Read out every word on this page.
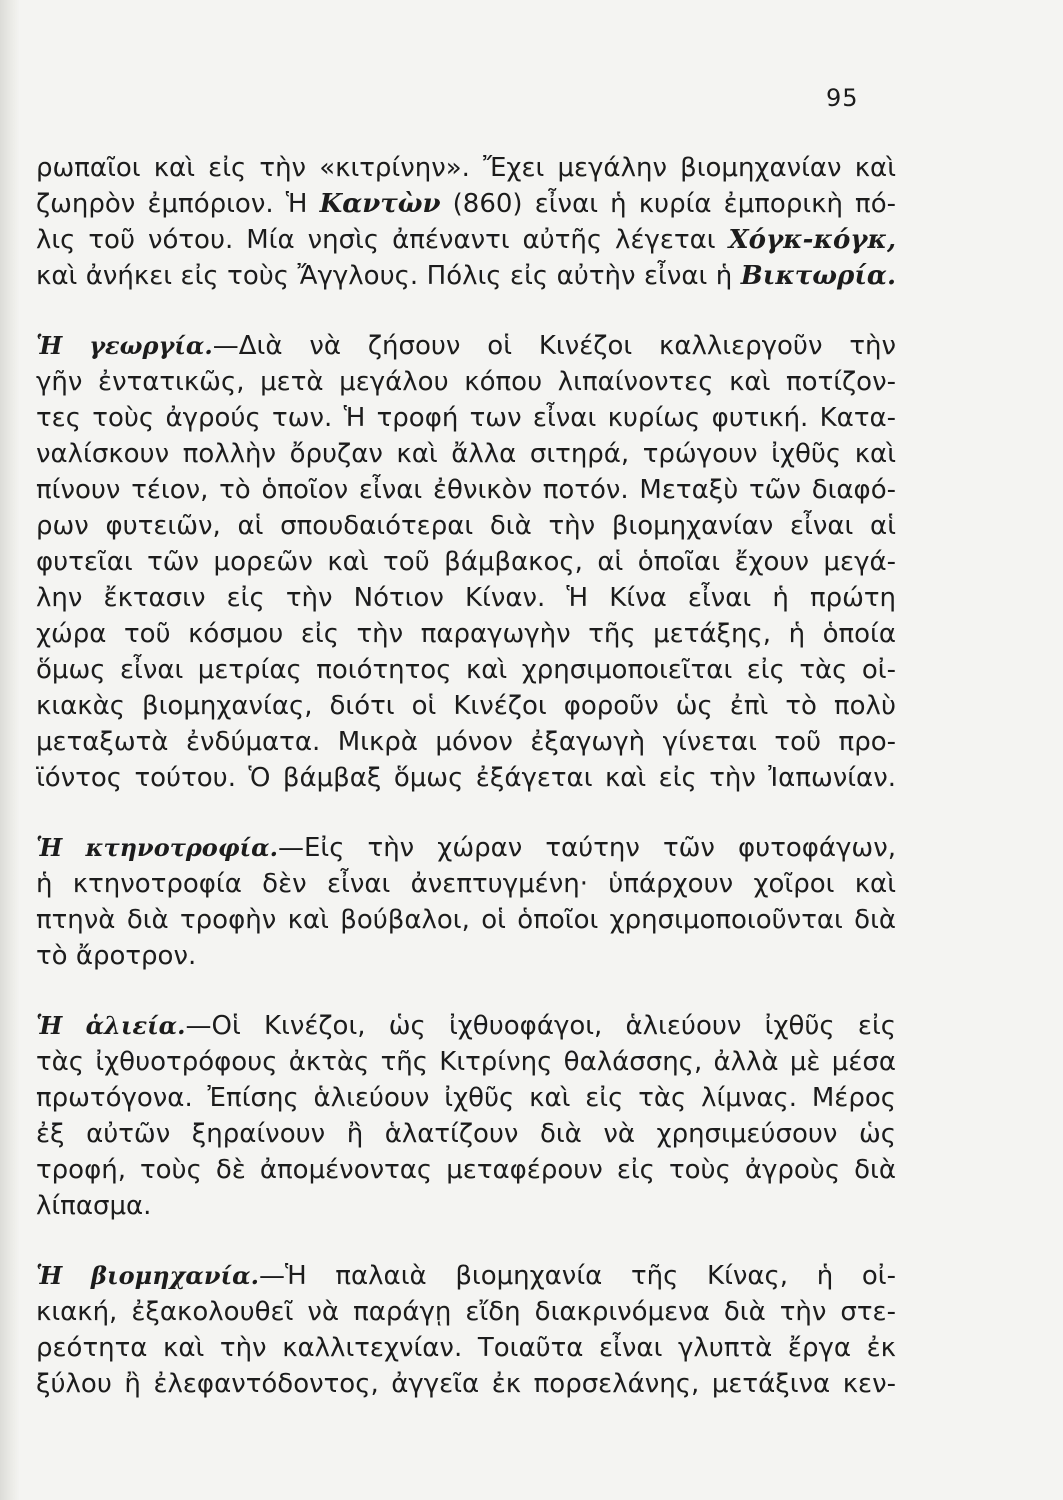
95
ρωπαῖοι καὶ εἰς τὴν «κιτρίνην». Ἔχει μεγάλην βιομηχανίαν καὶ
ζωηρὸν ἐμπόριον. Ἡ Καντὼν (860) εἶναι ἡ κυρία ἐμπορικὴ πό-
λις τοῦ νότου. Μία νησὶς ἀπέναντι αὐτῆς λέγεται Χόγκ-κόγκ,
καὶ ἀνήκει εἰς τοὺς Ἄγγλους. Πόλις εἰς αὐτὴν εἶναι ἡ Βικτωρία.
Ἡ γεωργία.—Διὰ νὰ ζήσουν οἱ Κινέζοι καλλιεργοῦν τὴν
γῆν ἐντατικῶς, μετὰ μεγάλου κόπου λιπαίνοντες καὶ ποτίζον-
τες τοὺς ἀγρούς των. Ἡ τροφή των εἶναι κυρίως φυτική. Κατα-
ναλίσκουν πολλὴν ὄρυζαν καὶ ἄλλα σιτηρά, τρώγουν ἰχθῦς καὶ
πίνουν τέιον, τὸ ὁποῖον εἶναι ἐθνικὸν ποτόν. Μεταξὺ τῶν διαφό-
ρων φυτειῶν, αἱ σπουδαιότεραι διὰ τὴν βιομηχανίαν εἶναι αἱ
φυτεῖαι τῶν μορεῶν καὶ τοῦ βάμβακος, αἱ ὁποῖαι ἔχουν μεγά-
λην ἔκτασιν εἰς τὴν Νότιον Κίναν. Ἡ Κίνα εἶναι ἡ πρώτη
χώρα τοῦ κόσμου εἰς τὴν παραγωγὴν τῆς μετάξης, ἡ ὁποία
ὅμως εἶναι μετρίας ποιότητος καὶ χρησιμοποιεῖται εἰς τὰς οἰ-
κιακὰς βιομηχανίας, διότι οἱ Κινέζοι φοροῦν ὡς ἐπὶ τὸ πολὺ
μεταξωτὰ ἐνδύματα. Μικρὰ μόνον ἐξαγωγὴ γίνεται τοῦ προ-
ϊόντος τούτου. Ὁ βάμβαξ ὅμως ἐξάγεται καὶ εἰς τὴν Ἰαπωνίαν.
Ἡ κτηνοτροφία.—Εἰς τὴν χώραν ταύτην τῶν φυτοφάγων,
ἡ κτηνοτροφία δὲν εἶναι ἀνεπτυγμένη· ὑπάρχουν χοῖροι καὶ
πτηνὰ διὰ τροφὴν καὶ βούβαλοι, οἱ ὁποῖοι χρησιμοποιοῦνται διὰ
τὸ ἄροτρον.
Ἡ ἁλιεία.—Οἱ Κινέζοι, ὡς ἰχθυοφάγοι, ἁλιεύουν ἰχθῦς εἰς
τὰς ἰχθυοτρόφους ἀκτὰς τῆς Κιτρίνης θαλάσσης, ἀλλὰ μὲ μέσα
πρωτόγονα. Ἐπίσης ἁλιεύουν ἰχθῦς καὶ εἰς τὰς λίμνας. Μέρος
ἐξ αὐτῶν ξηραίνουν ἢ ἁλατίζουν διὰ νὰ χρησιμεύσουν ὡς
τροφή, τοὺς δὲ ἀπομένοντας μεταφέρουν εἰς τοὺς ἀγροὺς διὰ
λίπασμα.
Ἡ βιομηχανία.—Ἡ παλαιὰ βιομηχανία τῆς Κίνας, ἡ οἰ-
κιακή, ἐξακολουθεῖ νὰ παράγῃ εἴδη διακρινόμενα διὰ τὴν στε-
ρεότητα καὶ τὴν καλλιτεχνίαν. Τοιαῦτα εἶναι γλυπτὰ ἔργα ἐκ
ξύλου ἢ ἐλεφαντόδοντος, ἀγγεῖα ἐκ πορσελάνης, μετάξινα κεν-
